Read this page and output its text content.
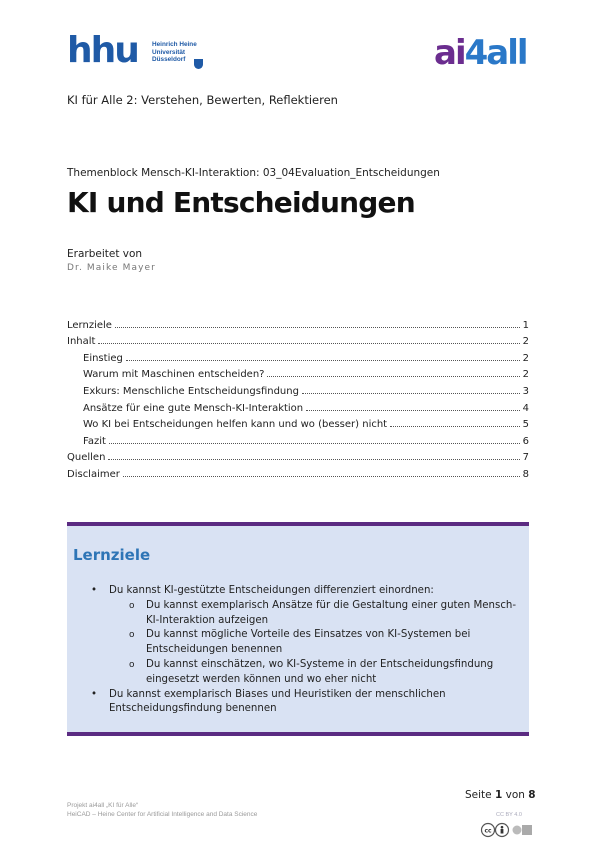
hhu Heinrich Heine
Universität
Düsseldorf	ai4all
KI für Alle 2: Verstehen, Bewerten, Reflektieren
Themenblock Mensch-KI-Interaktion: 03_04Evaluation_Entscheidungen
KI und Entscheidungen
Erarbeitet von
Dr. Maike Mayer
Lernziele	1
Inhalt	2
Einstieg	2
Warum mit Maschinen entscheiden?	2
Exkurs: Menschliche Entscheidungsfindung	3
Ansätze für eine gute Mensch-KI-Interaktion	4
Wo KI bei Entscheidungen helfen kann und wo (besser) nicht	5
Fazit	6
Quellen	7
Disclaimer	8
Lernziele
• Du kannst KI-gestützte Entscheidungen differenziert einordnen:
o Du kannst exemplarisch Ansätze für die Gestaltung einer guten Mensch-KI-Interaktion aufzeigen
o Du kannst mögliche Vorteile des Einsatzes von KI-Systemen bei Entscheidungen benennen
o Du kannst einschätzen, wo KI-Systeme in der Entscheidungsfindung eingesetzt werden können und wo eher nicht
• Du kannst exemplarisch Biases und Heuristiken der menschlichen Entscheidungsfindung benennen
Seite 1 von 8
Projekt ai4all „KI für Alle“
HeiCAD – Heine Center for Artificial Intelligence and Data Science	CC BY 4.0
cc
